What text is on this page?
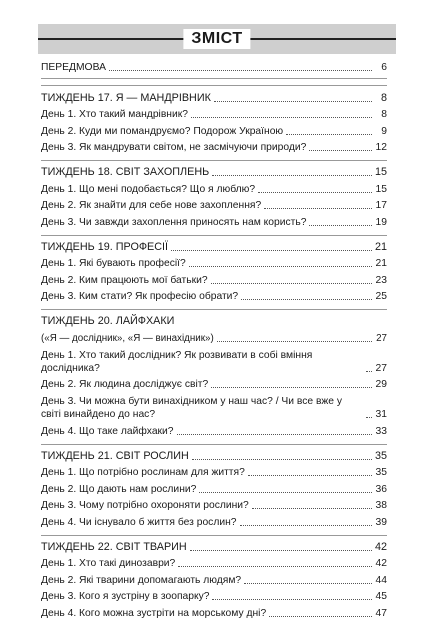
ЗМІСТ
ПЕРЕДМОВА	6
ТИЖДЕНЬ 17. Я — МАНДРІВНИК	8
День 1. Хто такий мандрівник?	8
День 2. Куди ми помандруємо? Подорож Україною	9
День 3. Як мандрувати світом, не засмічуючи природи?	12
ТИЖДЕНЬ 18. СВІТ ЗАХОПЛЕНЬ	15
День 1. Що мені подобається? Що я люблю?	15
День 2. Як знайти для себе нове захоплення?	17
День 3. Чи завжди захоплення приносять нам користь?	19
ТИЖДЕНЬ 19. ПРОФЕСІЇ	21
День 1. Які бувають професії?	21
День 2. Ким працюють мої батьки?	23
День 3. Ким стати? Як професію обрати?	25
ТИЖДЕНЬ 20. ЛАЙФХАКИ
(«Я — дослідник», «Я — винахідник»)	27
День 1. Хто такий дослідник? Як розвивати в собі вміння дослідника?	27
День 2. Як людина досліджує світ?	29
День 3. Чи можна бути винахідником у наш час? / Чи все вже у світі винайдено до нас?	31
День 4. Що таке лайфхаки?	33
ТИЖДЕНЬ 21. СВІТ РОСЛИН	35
День 1. Що потрібно рослинам для життя?	35
День 2. Що дають нам рослини?	36
День 3. Чому потрібно охороняти рослини?	38
День 4. Чи існувало б життя без рослин?	39
ТИЖДЕНЬ 22. СВІТ ТВАРИН	42
День 1. Хто такі динозаври?	42
День 2. Які тварини допомагають людям?	44
День 3. Кого я зустріну в зоопарку?	45
День 4. Кого можна зустріти на морському дні?	47
